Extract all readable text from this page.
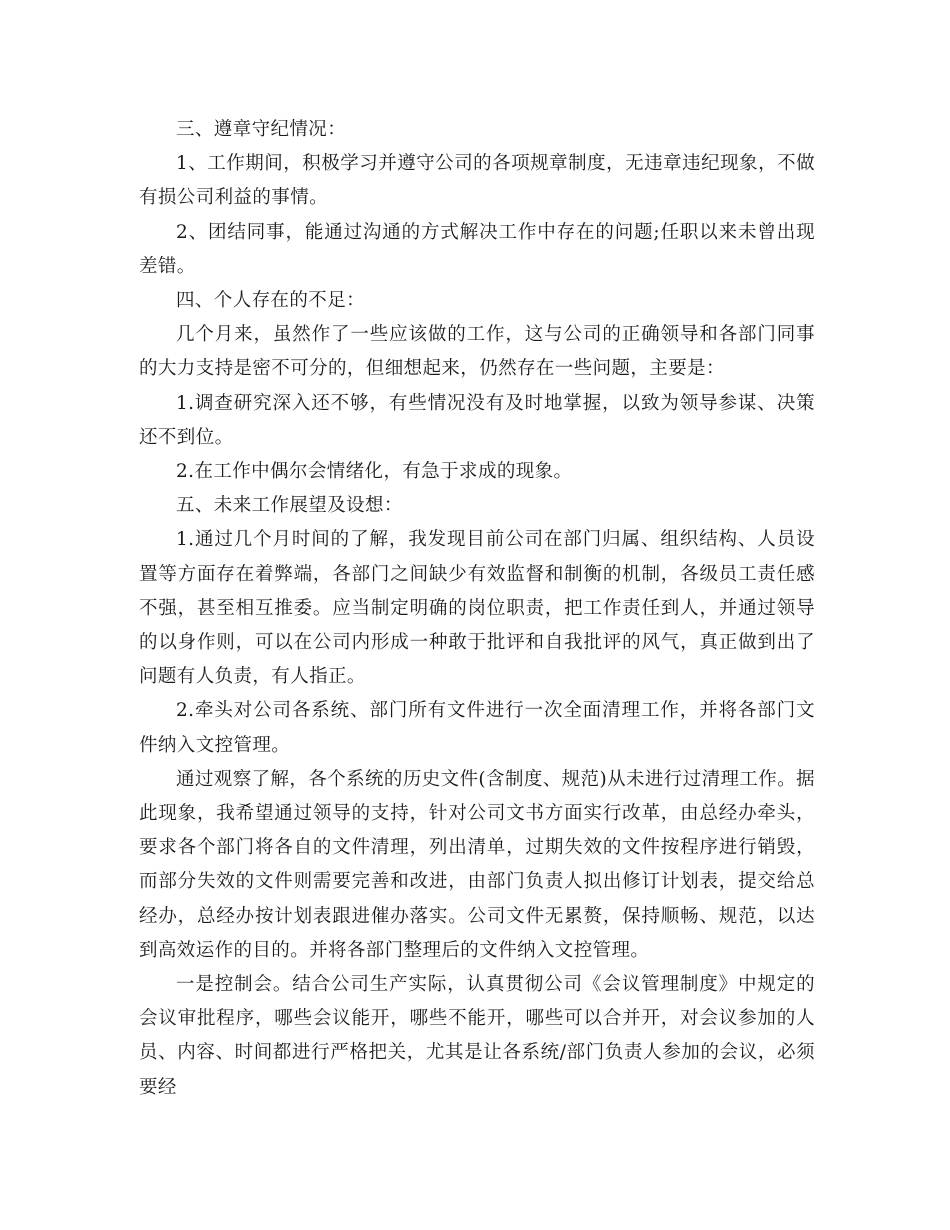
三、遵章守纪情况：

1、工作期间，积极学习并遵守公司的各项规章制度，无违章违纪现象，不做有损公司利益的事情。

2、团结同事，能通过沟通的方式解决工作中存在的问题;任职以来未曾出现差错。

四、个人存在的不足：

几个月来，虽然作了一些应该做的工作，这与公司的正确领导和各部门同事的大力支持是密不可分的，但细想起来，仍然存在一些问题，主要是：

1.调查研究深入还不够，有些情况没有及时地掌握，以致为领导参谋、决策还不到位。

2.在工作中偶尔会情绪化，有急于求成的现象。

五、未来工作展望及设想：

1.通过几个月时间的了解，我发现目前公司在部门归属、组织结构、人员设置等方面存在着弊端，各部门之间缺少有效监督和制衡的机制，各级员工责任感不强，甚至相互推委。应当制定明确的岗位职责，把工作责任到人，并通过领导的以身作则，可以在公司内形成一种敢于批评和自我批评的风气，真正做到出了问题有人负责，有人指正。

2.牵头对公司各系统、部门所有文件进行一次全面清理工作，并将各部门文件纳入文控管理。

通过观察了解，各个系统的历史文件(含制度、规范)从未进行过清理工作。据此现象，我希望通过领导的支持，针对公司文书方面实行改革，由总经办牵头，要求各个部门将各自的文件清理，列出清单，过期失效的文件按程序进行销毁，而部分失效的文件则需要完善和改进，由部门负责人拟出修订计划表，提交给总经办，总经办按计划表跟进催办落实。公司文件无累赘，保持顺畅、规范，以达到高效运作的目的。并将各部门整理后的文件纳入文控管理。

一是控制会。结合公司生产实际，认真贯彻公司《会议管理制度》中规定的会议审批程序，哪些会议能开，哪些不能开，哪些可以合并开，对会议参加的人员、内容、时间都进行严格把关，尤其是让各系统/部门负责人参加的会议，必须要经
